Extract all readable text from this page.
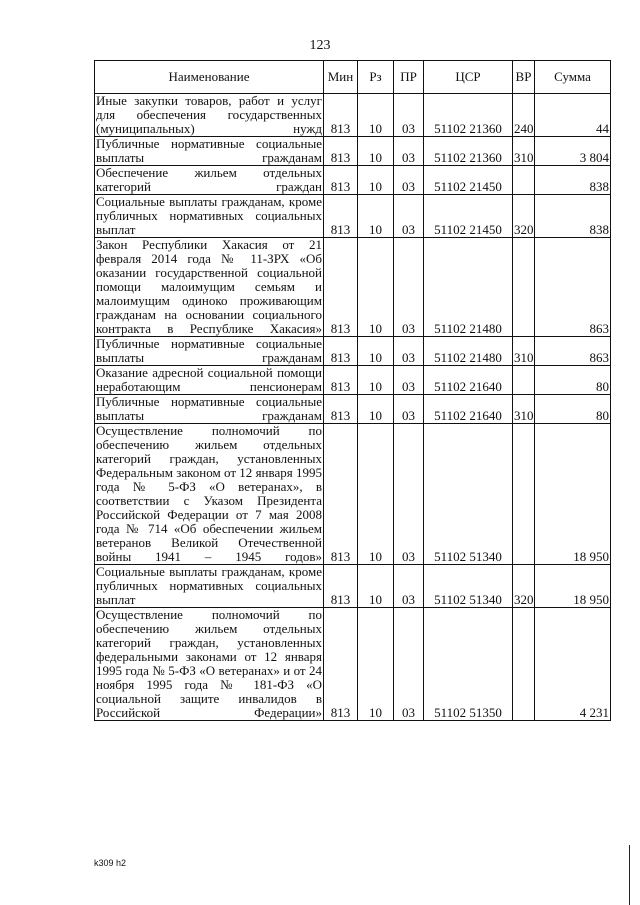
123
Наименование	Мин	Рз	ПР	ЦСР	ВР	Сумма
Иные закупки товаров, работ и услуг для обеспечения государственных (муниципальных) нужд	813	10	03	51102 21360	240	44
Публичные нормативные социальные выплаты гражданам	813	10	03	51102 21360	310	3 804
Обеспечение жильем отдельных категорий граждан	813	10	03	51102 21450		838
Социальные выплаты гражданам, кроме публичных нормативных социальных выплат	813	10	03	51102 21450	320	838
Закон Республики Хакасия от 21 февраля 2014 года № 11-ЗРХ «Об оказании государственной социальной помощи малоимущим семьям и малоимущим одиноко проживающим гражданам на основании социального контракта в Республике Хакасия»	813	10	03	51102 21480		863
Публичные нормативные социальные выплаты гражданам	813	10	03	51102 21480	310	863
Оказание адресной социальной помощи неработающим пенсионерам	813	10	03	51102 21640		80
Публичные нормативные социальные выплаты гражданам	813	10	03	51102 21640	310	80
Осуществление полномочий по обеспечению жильем отдельных категорий граждан, установленных Федеральным законом от 12 января 1995 года № 5-ФЗ «О ветеранах», в соответствии с Указом Президента Российской Федерации от 7 мая 2008 года № 714 «Об обеспечении жильем ветеранов Великой Отечественной войны 1941 – 1945 годов»	813	10	03	51102 51340		18 950
Социальные выплаты гражданам, кроме публичных нормативных социальных выплат	813	10	03	51102 51340	320	18 950
Осуществление полномочий по обеспечению жильем отдельных категорий граждан, установленных федеральными законами от 12 января 1995 года № 5-ФЗ «О ветеранах» и от 24 ноября 1995 года № 181-ФЗ «О социальной защите инвалидов в Российской Федерации»	813	10	03	51102 51350		4 231
k309 h2
